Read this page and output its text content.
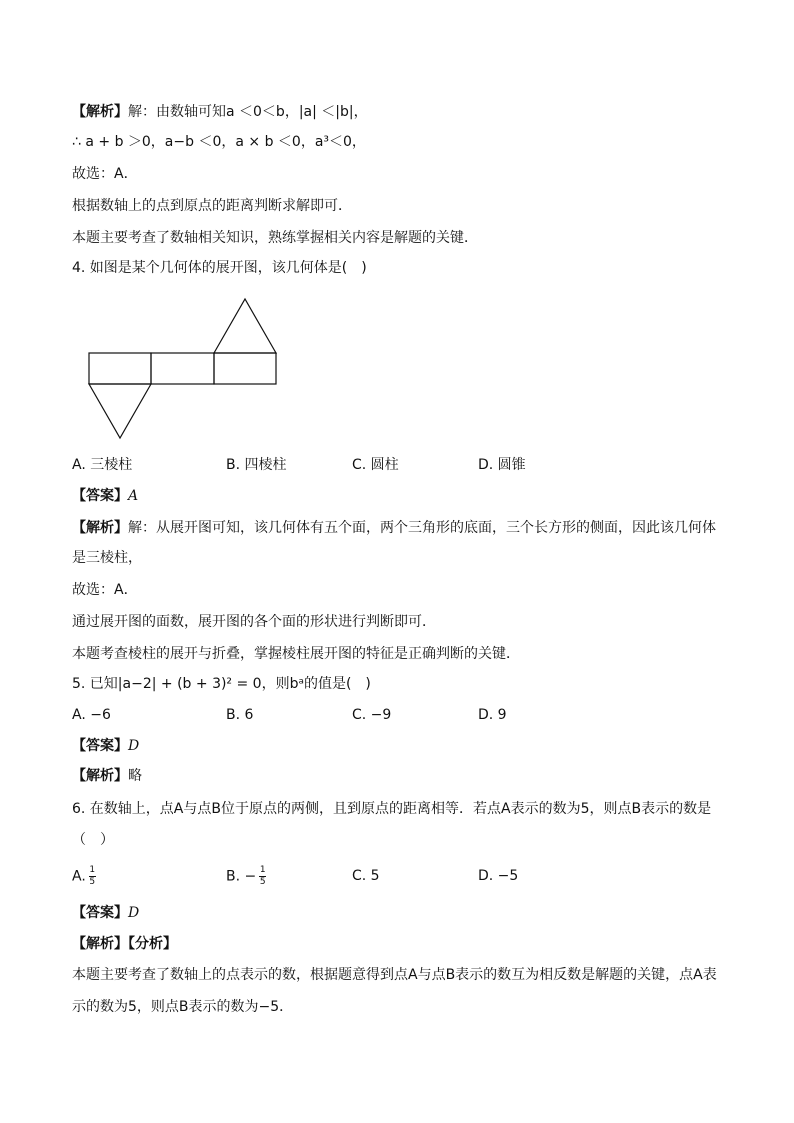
【解析】解：由数轴可知a ＜0＜b，|a| ＜|b|，
∴ a + b ＞0，a−b ＜0，a × b ＜0，a³＜0，
故选：A．
根据数轴上的点到原点的距离判断求解即可．
本题主要考查了数轴相关知识，熟练掌握相关内容是解题的关键．
4. 如图是某个几何体的展开图，该几何体是(　)
A. 三棱柱	B. 四棱柱	C. 圆柱	D. 圆锥
【答案】A
【解析】解：从展开图可知，该几何体有五个面，两个三角形的底面，三个长方形的侧面，因此该几何体
是三棱柱，
故选：A．
通过展开图的面数，展开图的各个面的形状进行判断即可．
本题考查棱柱的展开与折叠，掌握棱柱展开图的特征是正确判断的关键．
5. 已知|a−2| + (b + 3)² = 0，则bᵃ的值是(　)
A. −6	B. 6	C. −9	D. 9
【答案】D
【解析】略
6. 在数轴上，点A与点B位于原点的两侧，且到原点的距离相等．若点A表示的数为5，则点B表示的数是
（　）
A. $\frac{1}{5}$	B. − $\frac{1}{5}$	C. 5	D. −5
【答案】D
【解析】【分析】
本题主要考查了数轴上的点表示的数，根据题意得到点A与点B表示的数互为相反数是解题的关键，点A表
示的数为5，则点B表示的数为−5．
